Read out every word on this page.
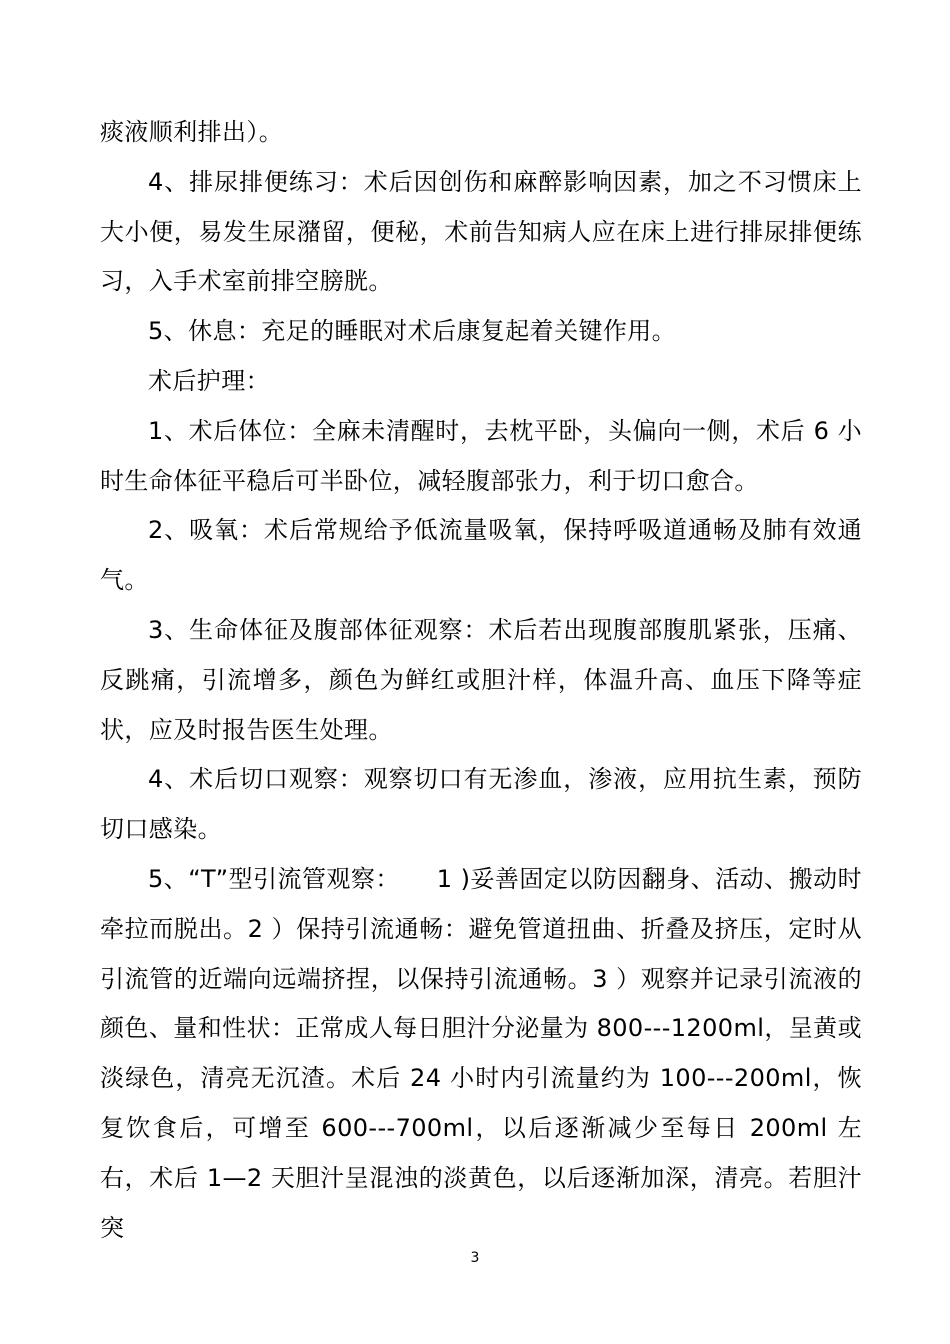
痰液顺利排出）。

4、排尿排便练习：术后因创伤和麻醉影响因素，加之不习惯床上大小便，易发生尿潴留，便秘，术前告知病人应在床上进行排尿排便练习，入手术室前排空膀胱。

5、休息：充足的睡眠对术后康复起着关键作用。

术后护理：

1、术后体位：全麻未清醒时，去枕平卧，头偏向一侧，术后 6 小时生命体征平稳后可半卧位，减轻腹部张力，利于切口愈合。

2、吸氧：术后常规给予低流量吸氧，保持呼吸道通畅及肺有效通气。

3、生命体征及腹部体征观察：术后若出现腹部腹肌紧张，压痛、反跳痛，引流增多，颜色为鲜红或胆汁样，体温升高、血压下降等症状，应及时报告医生处理。

4、术后切口观察：观察切口有无渗血，渗液，应用抗生素，预防切口感染。

5、“T”型引流管观察：　　1 )妥善固定以防因翻身、活动、搬动时牵拉而脱出。2 ）保持引流通畅：避免管道扭曲、折叠及挤压，定时从引流管的近端向远端挤捏，以保持引流通畅。3 ）观察并记录引流液的颜色、量和性状：正常成人每日胆汁分泌量为 800---1200ml，呈黄或淡绿色，清亮无沉渣。术后 24 小时内引流量约为 100---200ml，恢复饮食后，可增至 600---700ml，以后逐渐减少至每日 200ml 左右，术后 1—2 天胆汁呈混浊的淡黄色，以后逐渐加深，清亮。若胆汁突

3
